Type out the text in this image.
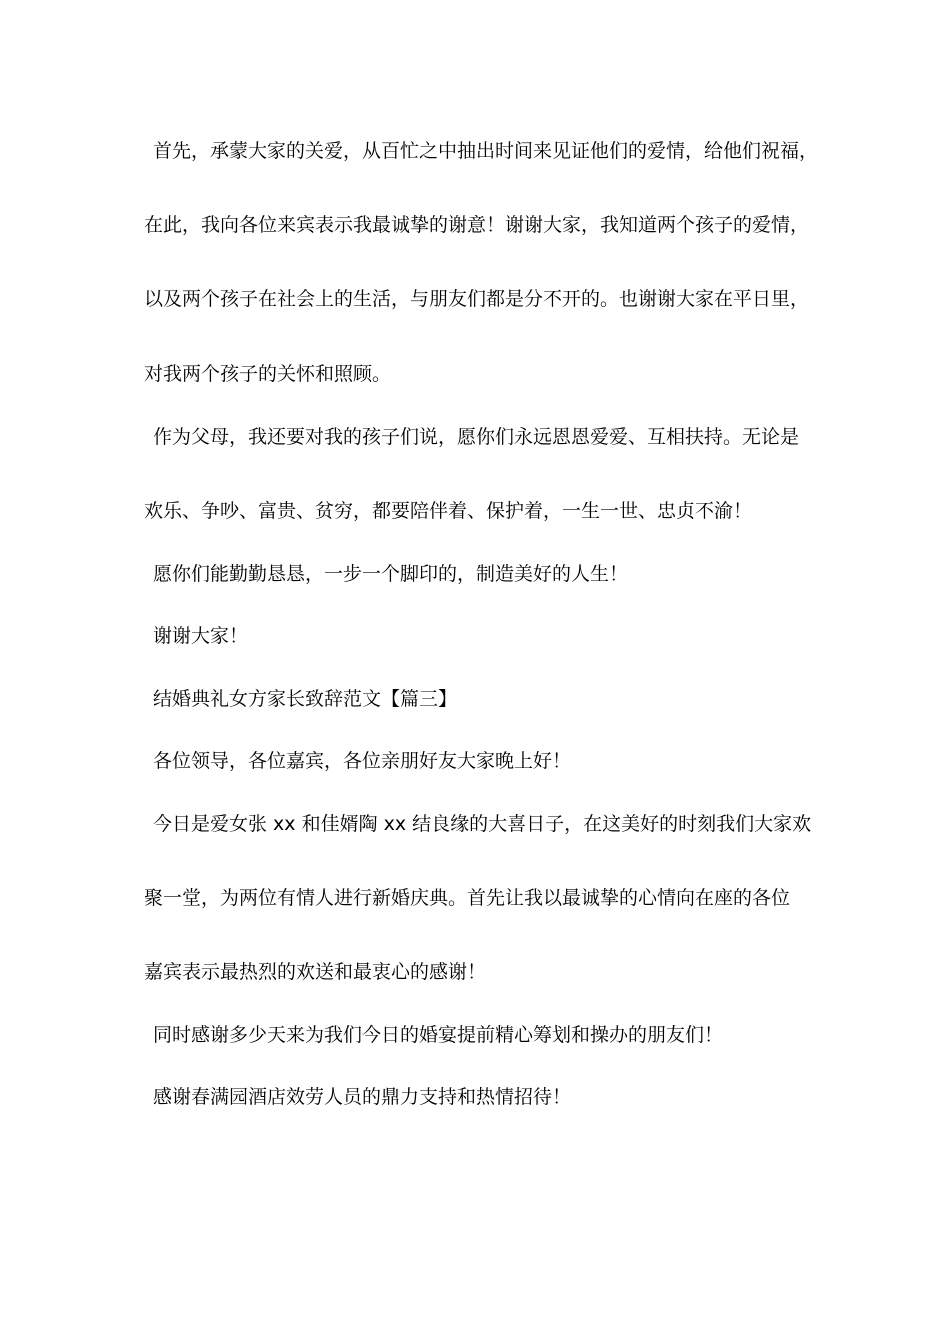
首先，承蒙大家的关爱，从百忙之中抽出时间来见证他们的爱情，给他们祝福，
在此，我向各位来宾表示我最诚挚的谢意！谢谢大家，我知道两个孩子的爱情，
以及两个孩子在社会上的生活，与朋友们都是分不开的。也谢谢大家在平日里，
对我两个孩子的关怀和照顾。
作为父母，我还要对我的孩子们说，愿你们永远恩恩爱爱、互相扶持。无论是
欢乐、争吵、富贵、贫穷，都要陪伴着、保护着，一生一世、忠贞不渝！
愿你们能勤勤恳恳，一步一个脚印的，制造美好的人生！
谢谢大家！
结婚典礼女方家长致辞范文【篇三】
各位领导，各位嘉宾，各位亲朋好友大家晚上好！
今日是爱女张 xx 和佳婿陶 xx 结良缘的大喜日子，在这美好的时刻我们大家欢
聚一堂，为两位有情人进行新婚庆典。首先让我以最诚挚的心情向在座的各位
嘉宾表示最热烈的欢送和最衷心的感谢！
同时感谢多少天来为我们今日的婚宴提前精心筹划和操办的朋友们！
感谢春满园酒店效劳人员的鼎力支持和热情招待！
